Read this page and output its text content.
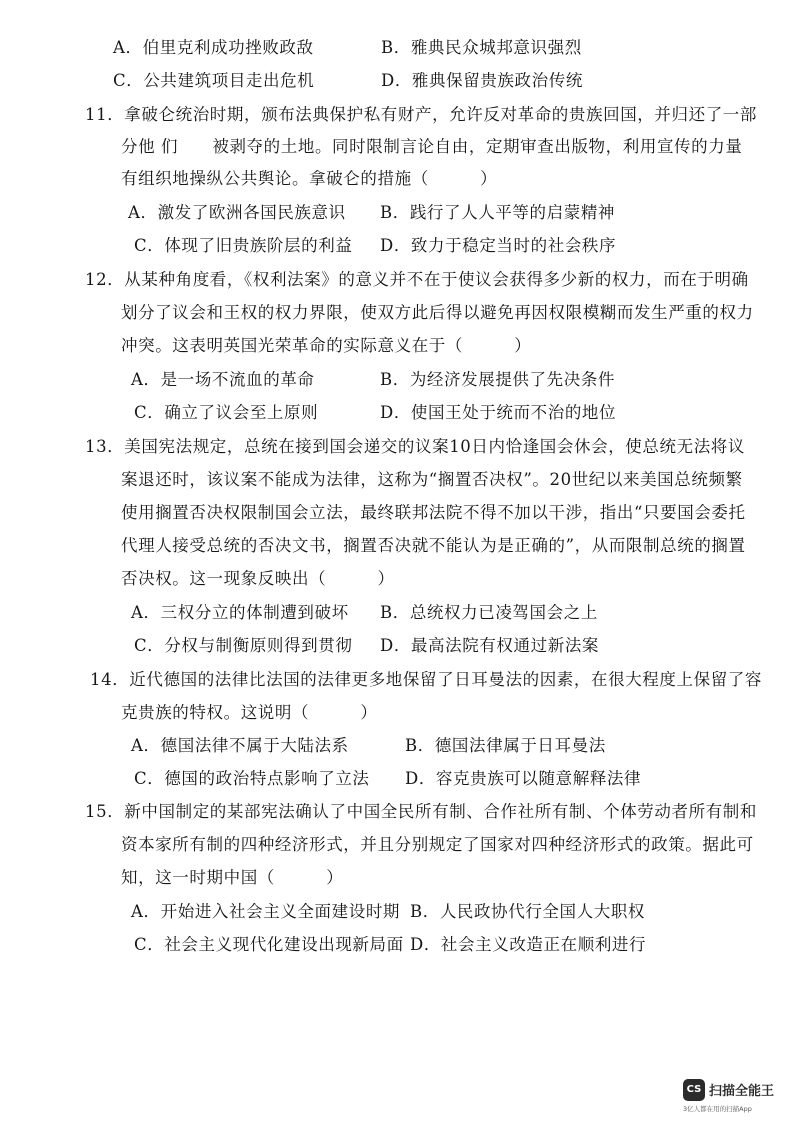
A．伯里克利成功挫败政敌	B．雅典民众城邦意识强烈
C．公共建筑项目走出危机	D．雅典保留贵族政治传统
11．拿破仑统治时期，颁布法典保护私有财产，允许反对革命的贵族回国，并归还了一部
分他 们　　被剥夺的土地。同时限制言论自由，定期审查出版物，利用宣传的力量
有组织地操纵公共舆论。拿破仑的措施（　　　）
A．激发了欧洲各国民族意识 B．践行了人人平等的启蒙精神
C．体现了旧贵族阶层的利益 D．致力于稳定当时的社会秩序
12．从某种角度看，《权利法案》的意义并不在于使议会获得多少新的权力，而在于明确
划分了议会和王权的权力界限，使双方此后得以避免再因权限模糊而发生严重的权力
冲突。这表明英国光荣革命的实际意义在于（　　　）
A．是一场不流血的革命	B．为经济发展提供了先决条件
C．确立了议会至上原则	D．使国王处于统而不治的地位
13．美国宪法规定，总统在接到国会递交的议案10日内恰逢国会休会，使总统无法将议
案退还时，该议案不能成为法律，这称为“搁置否决权”。20世纪以来美国总统频繁
使用搁置否决权限制国会立法，最终联邦法院不得不加以干涉，指出“只要国会委托
代理人接受总统的否决文书，搁置否决就不能认为是正确的”，从而限制总统的搁置
否决权。这一现象反映出（　　　）
A．三权分立的体制遭到破坏 B．总统权力已凌驾国会之上
C．分权与制衡原则得到贯彻 D．最高法院有权通过新法案
14．近代德国的法律比法国的法律更多地保留了日耳曼法的因素，在很大程度上保留了容
克贵族的特权。这说明（　　　）
A．德国法律不属于大陆法系	B．德国法律属于日耳曼法
C．德国的政治特点影响了立法 D．容克贵族可以随意解释法律
15．新中国制定的某部宪法确认了中国全民所有制、合作社所有制、个体劳动者所有制和
资本家所有制的四种经济形式，并且分别规定了国家对四种经济形式的政策。据此可
知，这一时期中国（　　　）
A．开始进入社会主义全面建设时期 B．人民政协代行全国人大职权
C．社会主义现代化建设出现新局面 D．社会主义改造正在顺利进行
CS 扫描全能王
3亿人都在用的扫描App
